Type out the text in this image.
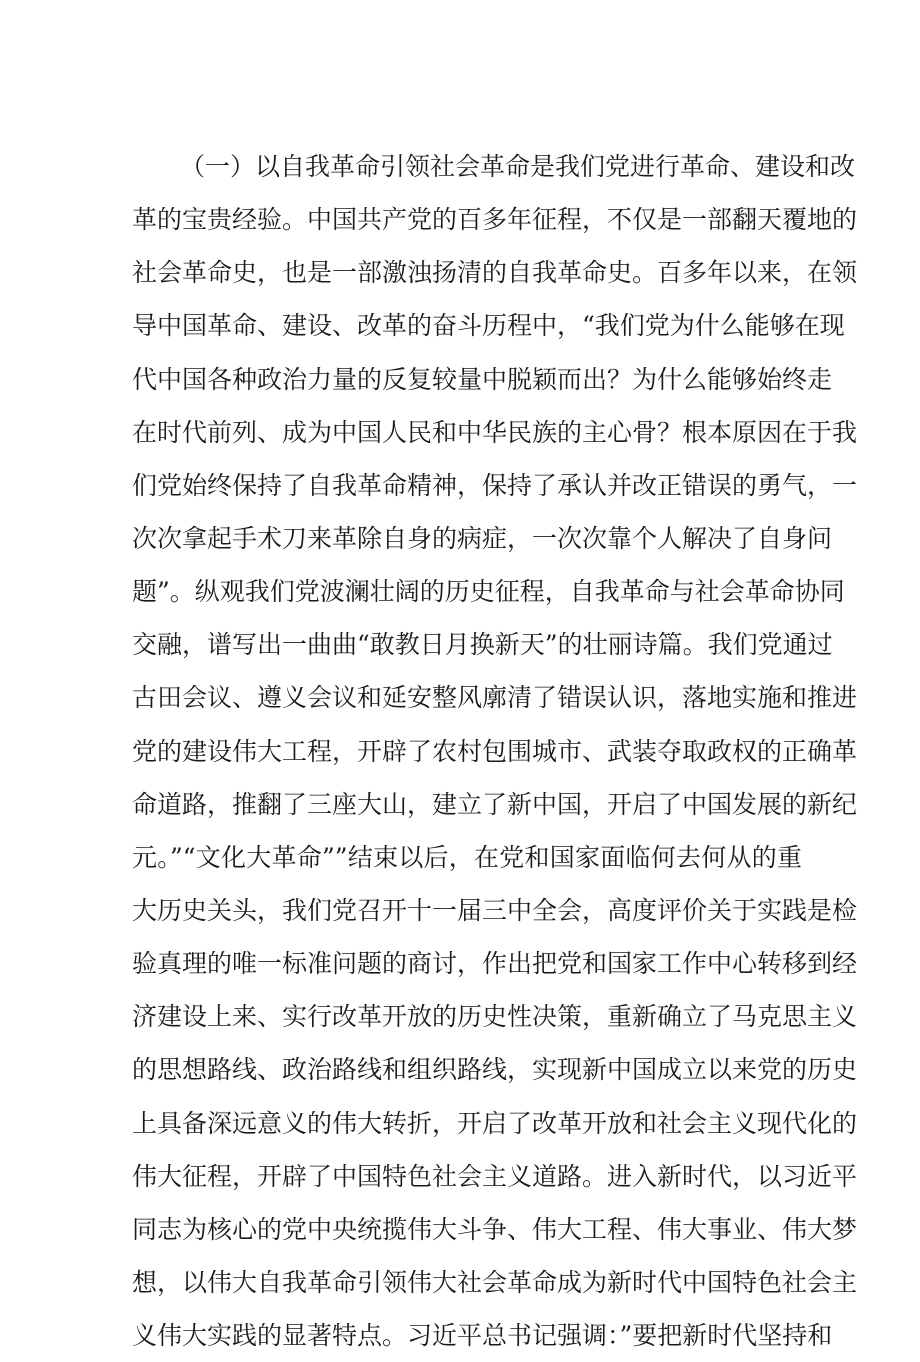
（一）以自我革命引领社会革命是我们党进行革命、建设和改
革的宝贵经验。中国共产党的百多年征程，不仅是一部翻天覆地的
社会革命史，也是一部激浊扬清的自我革命史。百多年以来，在领
导中国革命、建设、改革的奋斗历程中，“我们党为什么能够在现
代中国各种政治力量的反复较量中脱颖而出？为什么能够始终走
在时代前列、成为中国人民和中华民族的主心骨？根本原因在于我
们党始终保持了自我革命精神，保持了承认并改正错误的勇气，一
次次拿起手术刀来革除自身的病症，一次次靠个人解决了自身问
题”。纵观我们党波澜壮阔的历史征程，自我革命与社会革命协同
交融，谱写出一曲曲“敢教日月换新天”的壮丽诗篇。我们党通过
古田会议、遵义会议和延安整风廓清了错误认识，落地实施和推进
党的建设伟大工程，开辟了农村包围城市、武装夺取政权的正确革
命道路，推翻了三座大山，建立了新中国，开启了中国发展的新纪
元。”“文化大革命””结束以后，在党和国家面临何去何从的重
大历史关头，我们党召开十一届三中全会，高度评价关于实践是检
验真理的唯一标准问题的商讨，作出把党和国家工作中心转移到经
济建设上来、实行改革开放的历史性决策，重新确立了马克思主义
的思想路线、政治路线和组织路线，实现新中国成立以来党的历史
上具备深远意义的伟大转折，开启了改革开放和社会主义现代化的
伟大征程，开辟了中国特色社会主义道路。进入新时代，以习近平
同志为核心的党中央统揽伟大斗争、伟大工程、伟大事业、伟大梦
想，以伟大自我革命引领伟大社会革命成为新时代中国特色社会主
义伟大实践的显著特点。习近平总书记强调：”要把新时代坚持和
